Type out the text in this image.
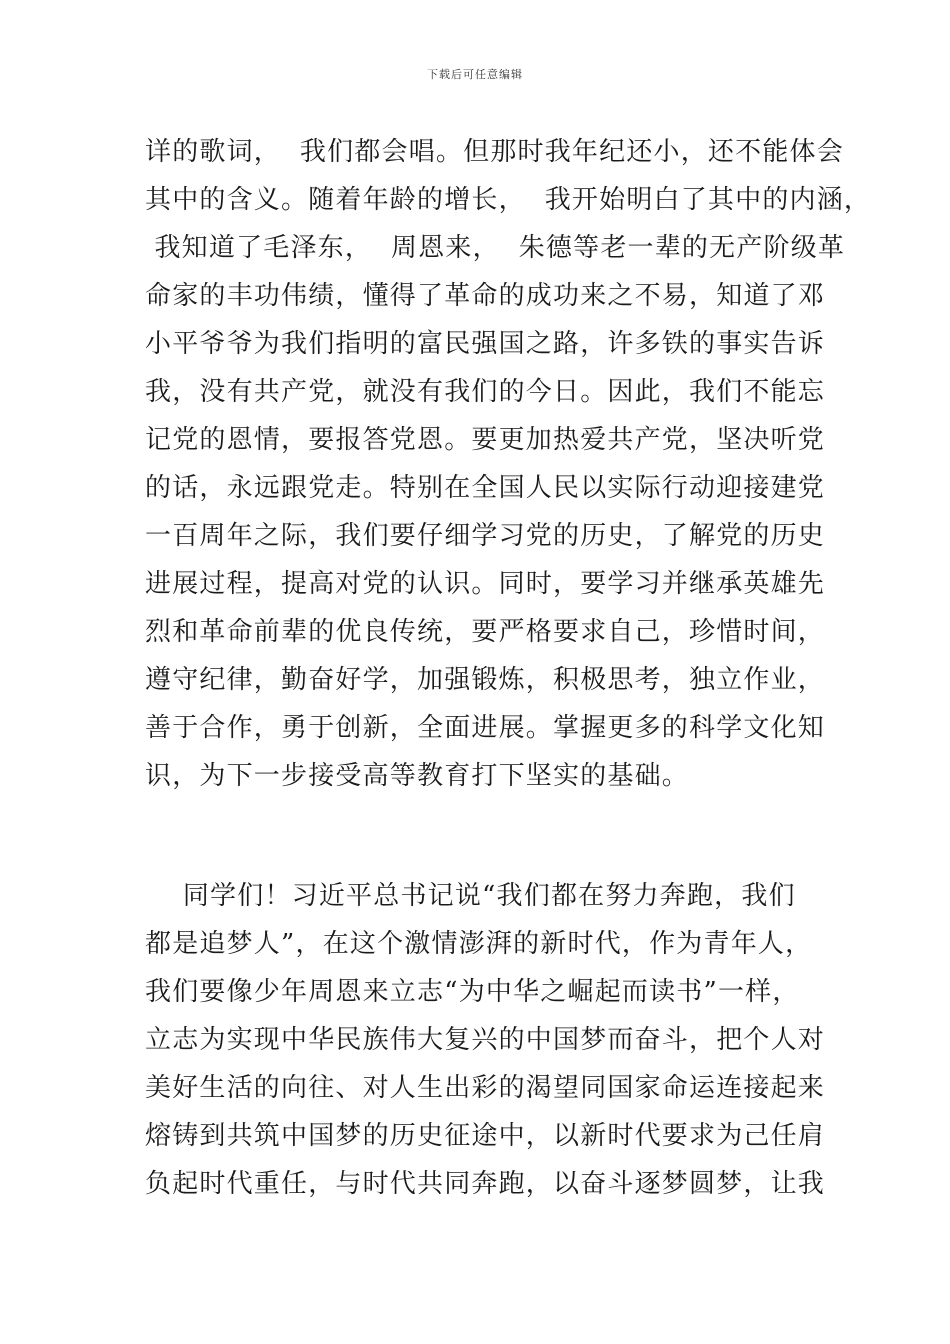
下载后可任意编辑
详的歌词，  我们都会唱。但那时我年纪还小，还不能体会
其中的含义。随着年龄的增长，  我开始明白了其中的内涵，
我知道了毛泽东，  周恩来，  朱德等老一辈的无产阶级革
命家的丰功伟绩，懂得了革命的成功来之不易，知道了邓
小平爷爷为我们指明的富民强国之路，许多铁的事实告诉
我，没有共产党，就没有我们的今日。因此，我们不能忘
记党的恩情，要报答党恩。要更加热爱共产党，坚决听党
的话，永远跟党走。特别在全国人民以实际行动迎接建党
一百周年之际，我们要仔细学习党的历史，了解党的历史
进展过程，提高对党的认识。同时，要学习并继承英雄先
烈和革命前辈的优良传统，要严格要求自己，珍惜时间，
遵守纪律，勤奋好学，加强锻炼，积极思考，独立作业，
善于合作，勇于创新，全面进展。掌握更多的科学文化知
识，为下一步接受高等教育打下坚实的基础。
同学们！习近平总书记说“我们都在努力奔跑，我们
都是追梦人”，在这个激情澎湃的新时代，作为青年人，
我们要像少年周恩来立志“为中华之崛起而读书”一样，
立志为实现中华民族伟大复兴的中国梦而奋斗，把个人对
美好生活的向往、对人生出彩的渴望同国家命运连接起来
熔铸到共筑中国梦的历史征途中，以新时代要求为己任肩
负起时代重任，与时代共同奔跑，以奋斗逐梦圆梦，让我
